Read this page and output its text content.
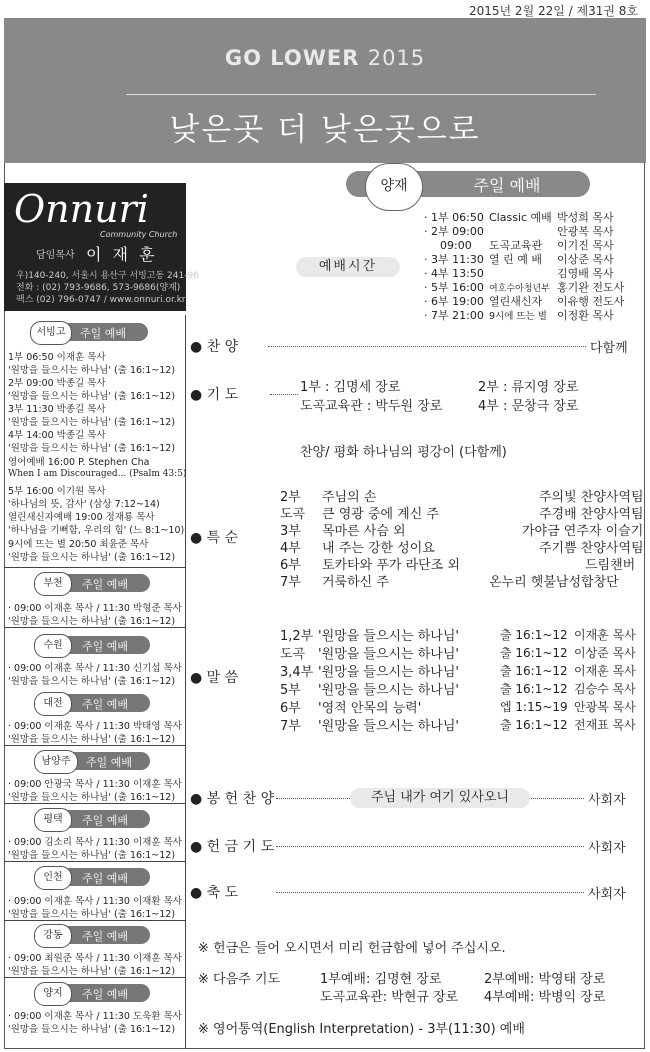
2015년 2월 22일 / 제31권 8호
GO LOWER 2015
낮은곳 더 낮은곳으로
Onnuri
Community Church
담임목사 이 재 훈
우)140-240, 서울시 용산구 서빙고동 241-96
전화 : (02) 793-9686, 573-9686(양재)
팩스 (02) 796-0747 / www.onnuri.or.kr
양재	주일 예배
예배시간
· 1부 06:50 Classic 예배 박성희 목사
· 2부 09:00	안광복 목사
09:00 도곡교육관 이기진 목사
· 3부 11:30 열 린 예 배 이상준 목사
· 4부 13:50	김영배 목사
· 5부 16:00 여호수아청년부 홍기완 전도사
· 6부 19:00 열린새신자 이유행 전도사
· 7부 21:00 9시에 뜨는 별 이정환 목사
서빙고	주일 예배
1부 06:50 이재훈 목사
'원망을 들으시는 하나님' (출 16:1~12)
2부 09:00 박종길 목사
'원망을 들으시는 하나님' (출 16:1~12)
3부 11:30 박종길 목사
'원망을 들으시는 하나님' (출 16:1~12)
4부 14:00 박종길 목사
'원망을 들으시는 하나님' (출 16:1~12)
영어예배 16:00 P. Stephen Cha
When I am Discouraged... (Psalm 43:5)
5부 16:00 이기원 목사
'하나님의 뜻, 감사' (삼상 7:12~14)
열린새신자예배 19:00 정재룡 목사
'하나님을 기뻐함, 우리의 힘' (느 8:1~10)
9시에 뜨는 별 20:50 최윤준 목사
'원망을 들으시는 하나님' (출 16:1~12)
부천	주일 예배
· 09:00 이재훈 목사 / 11:30 박형준 목사
'원망을 들으시는 하나님' (출 16:1~12)
수원	주일 예배
· 09:00 이재훈 목사 / 11:30 신기섭 목사
'원망을 들으시는 하나님' (출 16:1~12)
대전	주일 예배
· 09:00 이재훈 목사 / 11:30 박태영 목사
'원망을 들으시는 하나님' (출 16:1~12)
남양주	주일 예배
· 09:00 안광국 목사 / 11:30 이재훈 목사
'원망을 들으시는 하나님' (출 16:1~12)
평택	주일 예배
· 09:00 김소리 목사 / 11:30 이재훈 목사
'원망을 들으시는 하나님' (출 16:1~12)
인천	주일 예배
· 09:00 이재훈 목사 / 11:30 이재환 목사
'원망을 들으시는 하나님' (출 16:1~12)
강동	주일 예배
· 09:00 최원준 목사 / 11:30 이재훈 목사
'원망을 들으시는 하나님' (출 16:1~12)
양지	주일 예배
· 09:00 이재훈 목사 / 11:30 도욱환 목사
'원망을 들으시는 하나님' (출 16:1~12)
● 찬 양	다함께
● 기 도	1부 : 김명세 장로	2부 : 류지영 장로
도곡교육관 : 박두원 장로	4부 : 문창극 장로
찬양/ 평화 하나님의 평강이 (다함께)
● 특 순
2부 주님의 손	주의빛 찬양사역팀
도곡 큰 영광 중에 계신 주	주경배 찬양사역팀
3부 목마른 사슴 외	가야금 연주자 이슬기
4부 내 주는 강한 성이요	주기쁨 찬양사역팀
6부 토카타와 푸가 라단조 외	드림챈버
7부 거룩하신 주	온누리 헷불남성합창단
● 말 씀
1,2부 '원망을 들으시는 하나님'	출 16:1~12 이재훈 목사
도곡 '원망을 들으시는 하나님'	출 16:1~12 이상준 목사
3,4부 '원망을 들으시는 하나님'	출 16:1~12 이재훈 목사
5부 '원망을 들으시는 하나님'	출 16:1~12 김승수 목사
6부 '영적 안목의 능력'	엡 1:15~19 안광복 목사
7부 '원망을 들으시는 하나님'	출 16:1~12 전재표 목사
● 봉 헌 찬 양	주님 내가 여기 있사오니	사회자
● 헌 금 기 도	사회자
● 축 도	사회자
※ 헌금은 들어 오시면서 미리 헌금함에 넣어 주십시오.
※ 다음주 기도	1부예배: 김명현 장로	2부예배: 박영태 장로
도곡교육관: 박현규 장로 4부예배: 박병익 장로
※ 영어통역(English Interpretation) - 3부(11:30) 예배
